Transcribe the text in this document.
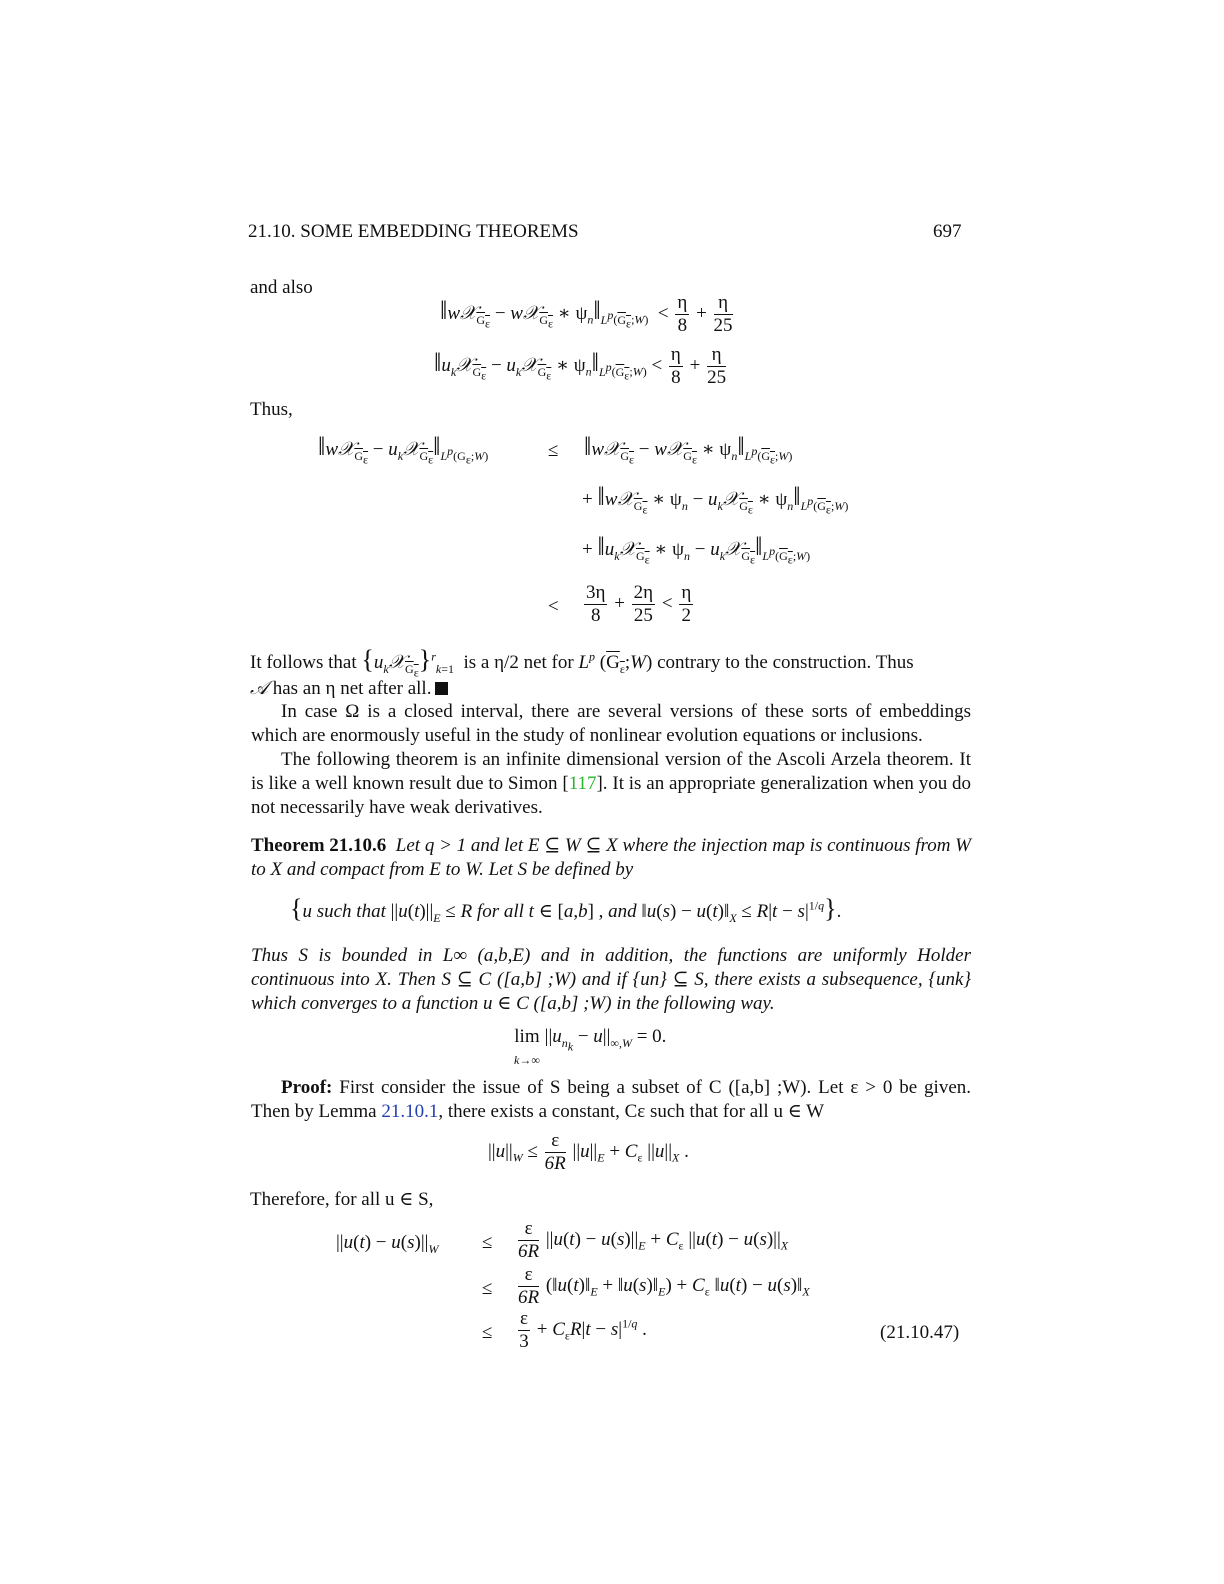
21.10. SOME EMBEDDING THEOREMS	697
and also
‖w𝒳$_{G_\varepsilon}$ − w𝒳$_{G_\varepsilon}$ ∗ $\psi_n‖_{L^p(G_\varepsilon;W)} < \frac{\eta}{8} + \frac{\eta}{25}$
$‖u_k𝒳_{G_\varepsilon}$ − $u_k𝒳_{G_\varepsilon}$ ∗ $\psi_n‖_{L^p(G_\varepsilon;W)} < \frac{\eta}{8} + \frac{\eta}{25}$
Thus,
‖w𝒳$_{G_\varepsilon}$ − $u_k𝒳_{G_\varepsilon}‖_{L^p(G_\varepsilon;W)}$	≤ ‖w𝒳$_{G_\varepsilon}$ − w𝒳$_{G_\varepsilon}$ ∗ $\psi_n‖_{L^p(G_\varepsilon;W)}$
+ ‖w𝒳$_{G_\varepsilon}$ ∗ $\psi_n$ − $u_k𝒳_{G_\varepsilon}$ ∗ $\psi_n‖_{L^p(G_\varepsilon;W)}$
+ $‖u_k𝒳_{G_\varepsilon}$ ∗ $\psi_n$ − $u_k𝒳_{G_\varepsilon}‖_{L^p(G_\varepsilon;W)}$
< $\frac{3\eta}{8} + \frac{2\eta}{25} < \frac{\eta}{2}$
It follows that $\{u_k𝒳_{G_\varepsilon}\}^r_{k=1}$ is a η/2 net for $L^p$ $(G_\varepsilon;W)$ contrary to the construction. Thus
𝒜 has an η net after all.
In case Ω is a closed interval, there are several versions of these sorts of embeddings which are enormously useful in the study of nonlinear evolution equations or inclusions.
The following theorem is an infinite dimensional version of the Ascoli Arzela theorem. It is like a well known result due to Simon [117]. It is an appropriate generalization when you do not necessarily have weak derivatives.
Theorem 21.10.6 Let q > 1 and let E ⊆ W ⊆ X where the injection map is continuous from W to X and compact from E to W. Let S be defined by
{u such that $||u(t)||_E \le R$ for all t ∈ [a,b] , and ‖u(s) − $u(t)‖_X \le R|t - s|^{1/q}$}.
Thus S is bounded in L∞ (a,b,E) and in addition, the functions are uniformly Holder continuous into X. Then S ⊆ C ([a,b] ;W) and if {un} ⊆ S, there exists a subsequence, {unk} which converges to a function u ∈ C ([a,b] ;W) in the following way.
lim
k→∞ $||u_{n_k} - u||_{\infty,W} = 0$.
Proof: First consider the issue of S being a subset of C ([a,b] ;W). Let ε > 0 be given. Then by Lemma 21.10.1, there exists a constant, Cε such that for all u ∈ W
$||u||_W \le \frac{\varepsilon}{6R} ||u||_E + C_\varepsilon$ $||u||_X$ .
Therefore, for all u ∈ S,
$||u(t) - u(s)||_W \le \frac{\varepsilon}{6R} ||u(t) - u(s)||_E + C_\varepsilon$ $||u(t) - u(s)||_X$
≤ $\frac{\varepsilon}{6R}$ ($‖u(t)‖_E$ + $‖u(s)‖_E) + C_\varepsilon$ ‖u(t) − $u(s)‖_X$
≤ $\frac{\varepsilon}{3} + C_\varepsilon R|t - s|^{1/q}$ .	(21.10.47)
